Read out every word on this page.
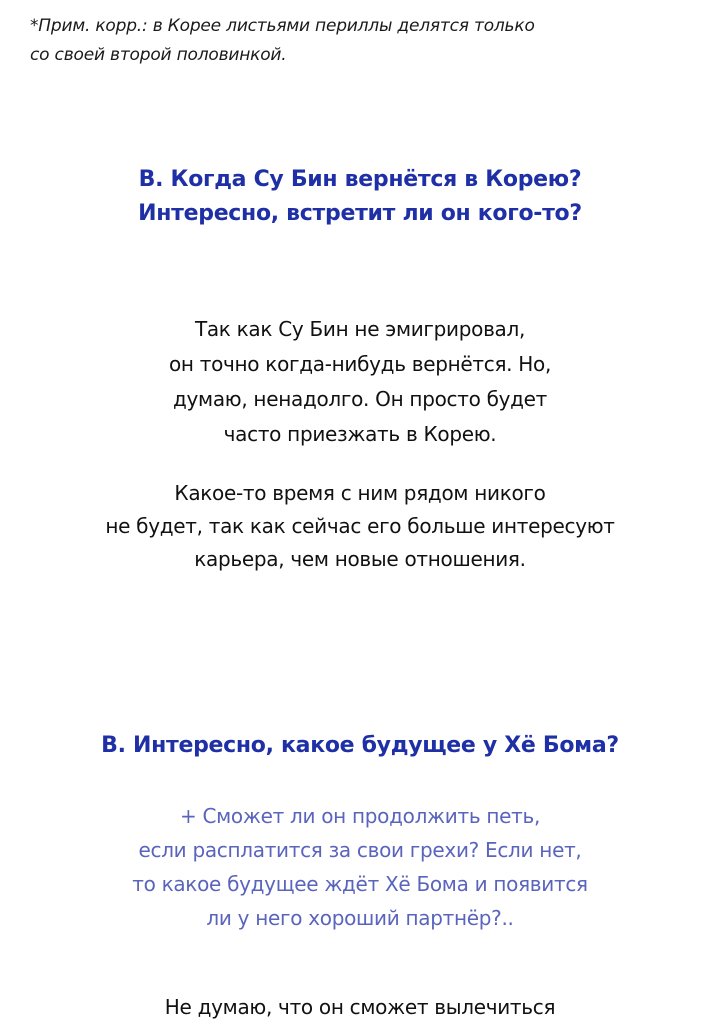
*Прим. корр.: в Корее листьями периллы делятся только
со своей второй половинкой.
В. Когда Су Бин вернётся в Корею?
Интересно, встретит ли он кого-то?
Так как Су Бин не эмигрировал,
он точно когда-нибудь вернётся. Но,
думаю, ненадолго. Он просто будет
часто приезжать в Корею.
Какое-то время с ним рядом никого
не будет, так как сейчас его больше интересуют
карьера, чем новые отношения.
В. Интересно, какое будущее у Хё Бома?
+ Сможет ли он продолжить петь,
если расплатится за свои грехи? Если нет,
то какое будущее ждёт Хё Бома и появится
ли у него хороший партнёр?..
Не думаю, что он сможет вылечиться
